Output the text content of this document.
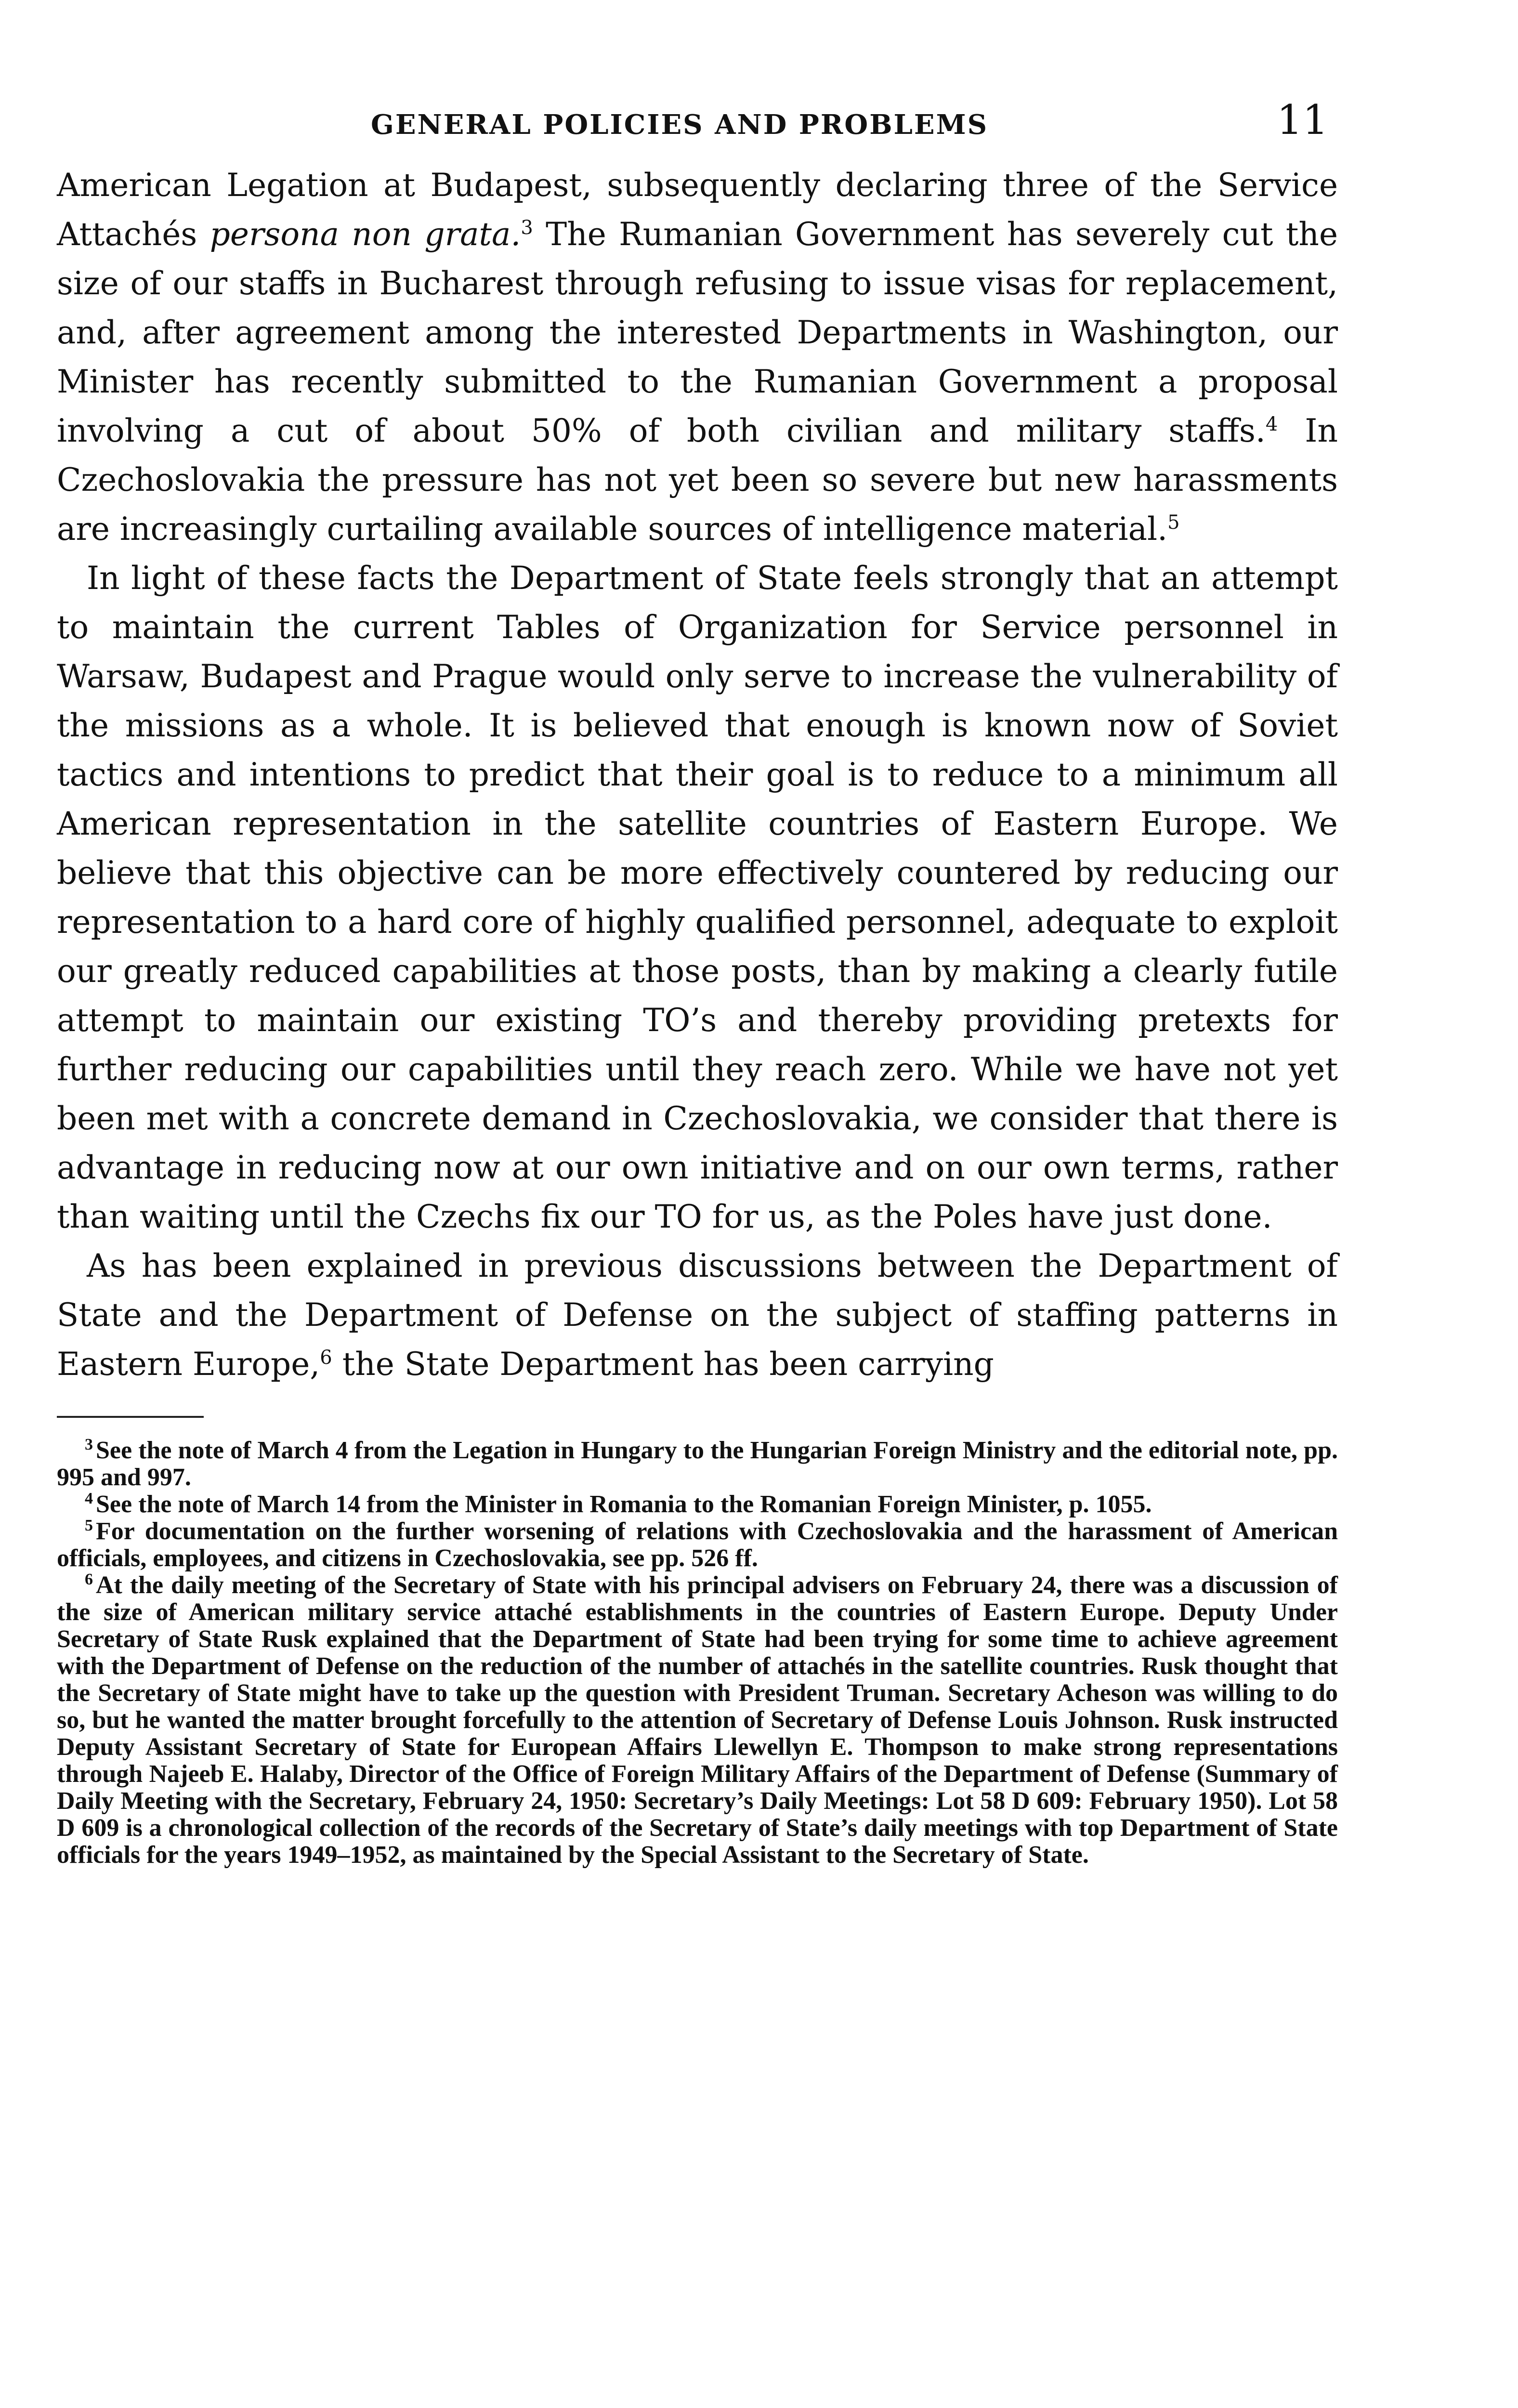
GENERAL POLICIES AND PROBLEMS	11

American Legation at Budapest, subsequently declaring three of the Service Attachés persona non grata.$^3$ The Rumanian Government has severely cut the size of our staffs in Bucharest through refusing to issue visas for replacement, and, after agreement among the interested Departments in Washington, our Minister has recently submitted to the Rumanian Government a proposal involving a cut of about 50% of both civilian and military staffs.$^4$ In Czechoslovakia the pressure has not yet been so severe but new harassments are increasingly curtailing available sources of intelligence material.$^5$

In light of these facts the Department of State feels strongly that an attempt to maintain the current Tables of Organization for Service personnel in Warsaw, Budapest and Prague would only serve to increase the vulnerability of the missions as a whole. It is believed that enough is known now of Soviet tactics and intentions to predict that their goal is to reduce to a minimum all American representation in the satellite countries of Eastern Europe. We believe that this objective can be more effectively countered by reducing our representation to a hard core of highly qualified personnel, adequate to exploit our greatly reduced capabilities at those posts, than by making a clearly futile attempt to maintain our existing TO’s and thereby providing pretexts for further reducing our capabilities until they reach zero. While we have not yet been met with a concrete demand in Czechoslovakia, we consider that there is advantage in reducing now at our own initiative and on our own terms, rather than waiting until the Czechs fix our TO for us, as the Poles have just done.

As has been explained in previous discussions between the Department of State and the Department of Defense on the subject of staffing patterns in Eastern Europe,$^6$ the State Department has been carrying

$^3$ See the note of March 4 from the Legation in Hungary to the Hungarian Foreign Ministry and the editorial note, pp. 995 and 997.

$^4$ See the note of March 14 from the Minister in Romania to the Romanian Foreign Minister, p. 1055.

$^5$ For documentation on the further worsening of relations with Czechoslovakia and the harassment of American officials, employees, and citizens in Czechoslovakia, see pp. 526 ff.

$^6$ At the daily meeting of the Secretary of State with his principal advisers on February 24, there was a discussion of the size of American military service attaché establishments in the countries of Eastern Europe. Deputy Under Secretary of State Rusk explained that the Department of State had been trying for some time to achieve agreement with the Department of Defense on the reduction of the number of attachés in the satellite countries. Rusk thought that the Secretary of State might have to take up the question with President Truman. Secretary Acheson was willing to do so, but he wanted the matter brought forcefully to the attention of Secretary of Defense Louis Johnson. Rusk instructed Deputy Assistant Secretary of State for European Affairs Llewellyn E. Thompson to make strong representations through Najeeb E. Halaby, Director of the Office of Foreign Military Affairs of the Department of Defense (Summary of Daily Meeting with the Secretary, February 24, 1950: Secretary’s Daily Meetings: Lot 58 D 609: February 1950). Lot 58 D 609 is a chronological collection of the records of the Secretary of State’s daily meetings with top Department of State officials for the years 1949–1952, as maintained by the Special Assistant to the Secretary of State.
